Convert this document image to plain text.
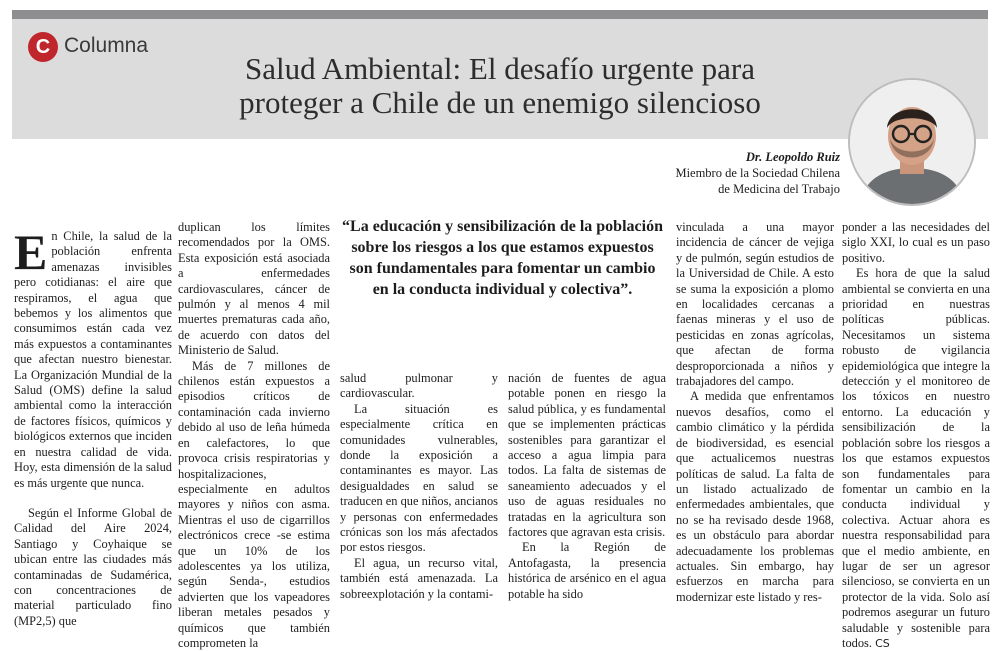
C Columna
Salud Ambiental: El desafío urgente para
proteger a Chile de un enemigo silencioso
Dr. Leopoldo Ruiz
Miembro de la Sociedad Chilena
de Medicina del Trabajo

En Chile, la salud de la población enfrenta amenazas invisibles pero cotidianas: el aire que respiramos, el agua que bebemos y los alimentos que consumimos están cada vez más expuestos a contaminantes que afectan nuestro bienestar. La Organización Mundial de la Salud (OMS) define la salud ambiental como la interacción de factores físicos, químicos y biológicos externos que inciden en nuestra calidad de vida. Hoy, esta dimensión de la salud es más urgente que nunca.

Según el Informe Global de Calidad del Aire 2024, Santiago y Coyhaique se ubican entre las ciudades más contaminadas de Sudamérica, con concentraciones de material particulado fino (MP2,5) que

duplican los límites recomendados por la OMS. Esta exposición está asociada a enfermedades cardiovasculares, cáncer de pulmón y al menos 4 mil muertes prematuras cada año, de acuerdo con datos del Ministerio de Salud.

Más de 7 millones de chilenos están expuestos a episodios críticos de contaminación cada invierno debido al uso de leña húmeda en calefactores, lo que provoca crisis respiratorias y hospitalizaciones, especialmente en adultos mayores y niños con asma. Mientras el uso de cigarrillos electrónicos crece -se estima que un 10% de los adolescentes ya los utiliza, según Senda-, estudios advierten que los vapeadores liberan metales pesados y químicos que también comprometen la

“La educación y sensibilización de la población sobre los riesgos a los que estamos expuestos son fundamentales para fomentar un cambio en la conducta individual y colectiva”.

salud pulmonar y cardiovascular.

La situación es especialmente crítica en comunidades vulnerables, donde la exposición a contaminantes es mayor. Las desigualdades en salud se traducen en que niños, ancianos y personas con enfermedades crónicas son los más afectados por estos riesgos.

El agua, un recurso vital, también está amenazada. La sobreexplotación y la contami-

nación de fuentes de agua potable ponen en riesgo la salud pública, y es fundamental que se implementen prácticas sostenibles para garantizar el acceso a agua limpia para todos. La falta de sistemas de saneamiento adecuados y el uso de aguas residuales no tratadas en la agricultura son factores que agravan esta crisis.

En la Región de Antofagasta, la presencia histórica de arsénico en el agua potable ha sido

vinculada a una mayor incidencia de cáncer de vejiga y de pulmón, según estudios de la Universidad de Chile. A esto se suma la exposición a plomo en localidades cercanas a faenas mineras y el uso de pesticidas en zonas agrícolas, que afectan de forma desproporcionada a niños y trabajadores del campo.

A medida que enfrentamos nuevos desafíos, como el cambio climático y la pérdida de biodiversidad, es esencial que actualicemos nuestras políticas de salud. La falta de un listado actualizado de enfermedades ambientales, que no se ha revisado desde 1968, es un obstáculo para abordar adecuadamente los problemas actuales. Sin embargo, hay esfuerzos en marcha para modernizar este listado y res-

ponder a las necesidades del siglo XXI, lo cual es un paso positivo.

Es hora de que la salud ambiental se convierta en una prioridad en nuestras políticas públicas. Necesitamos un sistema robusto de vigilancia epidemiológica que integre la detección y el monitoreo de los tóxicos en nuestro entorno. La educación y sensibilización de la población sobre los riesgos a los que estamos expuestos son fundamentales para fomentar un cambio en la conducta individual y colectiva. Actuar ahora es nuestra responsabilidad para que el medio ambiente, en lugar de ser un agresor silencioso, se convierta en un protector de la vida. Solo así podremos asegurar un futuro saludable y sostenible para todos. CS
